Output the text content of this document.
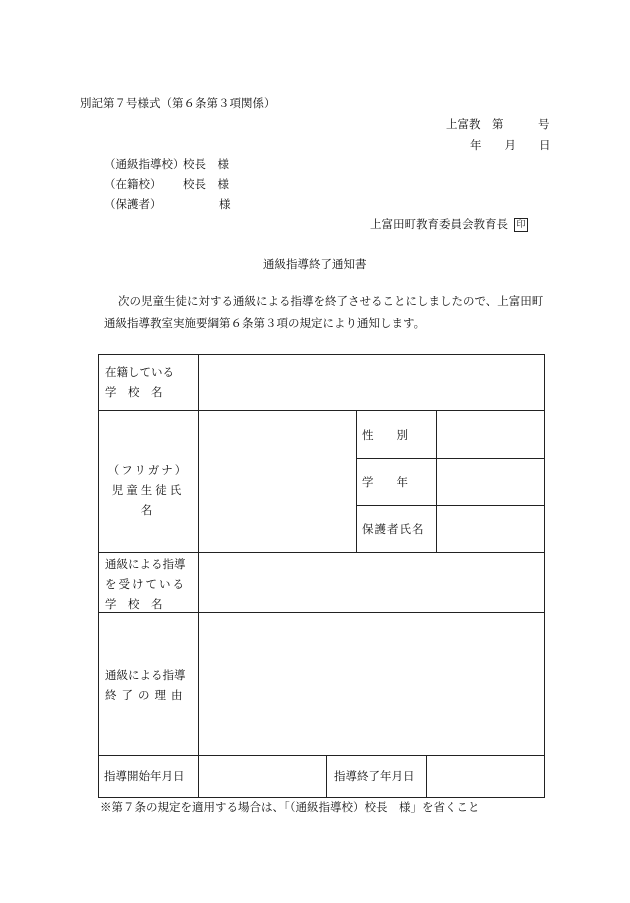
別記第７号様式（第６条第３項関係）
上富教　第　　　号
年　　月　　日
（通級指導校）
校長　様
（在籍校） 校長　様
（保護者）	様
上富田町教育委員会教育長 印
通級指導終了通知書
次の児童生徒に対する通級による指導を終了させることにしましたので、上富田町
通級指導教室実施要綱第６条第３項の規定により通知します。
在籍している
学　校　名
（フリガナ）
児童生徒氏名
性　　別
学　　年
保護者氏名
通級による指導
を受けている
学　校　名
通級による指導
終了の理由
指導開始年月日	指導終了年月日
※第７条の規定を適用する場合は、「（通級指導校）校長　様」を省くこと
